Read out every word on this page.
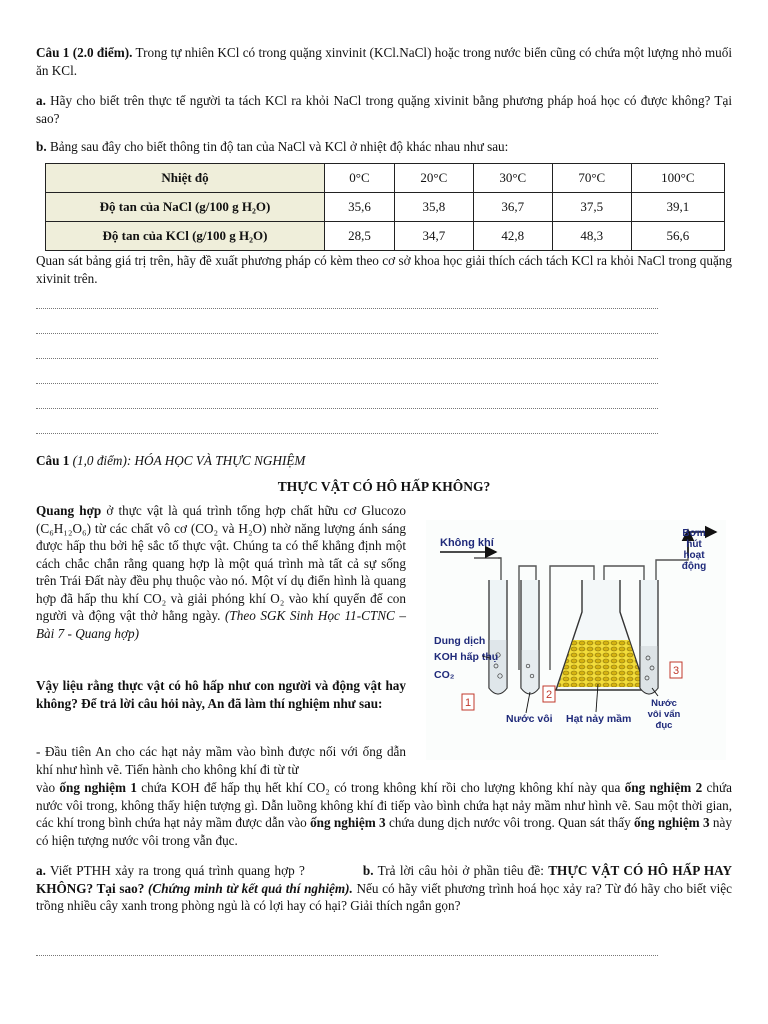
Câu 1 (2.0 điểm). Trong tự nhiên KCl có trong quặng xinvinit (KCl.NaCl) hoặc trong nước biển cũng có chứa một lượng nhỏ muối ăn KCl.

a. Hãy cho biết trên thực tế người ta tách KCl ra khỏi NaCl trong quặng xivinit bằng phương pháp hoá học có được không? Tại sao?

b. Bảng sau đây cho biết thông tin độ tan của NaCl và KCl ở nhiệt độ khác nhau như sau:

Nhiệt độ	0°C	20°C	30°C	70°C	100°C
Độ tan của NaCl (g/100 g H₂O)	35,6	35,8	36,7	37,5	39,1
Độ tan của KCl (g/100 g H₂O)	28,5	34,7	42,8	48,3	56,6

Quan sát bảng giá trị trên, hãy đề xuất phương pháp có kèm theo cơ sở khoa học giải thích cách tách KCl ra khỏi NaCl trong quặng xivinit trên.

Câu 1 (1,0 điểm): HÓA HỌC VÀ THỰC NGHIỆM

THỰC VẬT CÓ HÔ HẤP KHÔNG?

Quang hợp ở thực vật là quá trình tổng hợp chất hữu cơ Glucozo (C₆H₁₂O₆) từ các chất vô cơ (CO₂ và H₂O) nhờ năng lượng ánh sáng được hấp thu bởi hệ sắc tố thực vật. Chúng ta có thể khẳng định một cách chắc chắn rằng quang hợp là một quá trình mà tất cả sự sống trên Trái Đất này đều phụ thuộc vào nó. Một ví dụ điển hình là quang hợp đã hấp thu khí CO₂ và giải phóng khí O₂ vào khí quyển để con người và động vật thở hằng ngày. (Theo SGK Sinh Học 11-CTNC – Bài 7 - Quang hợp)

Vậy liệu rằng thực vật có hô hấp như con người và động vật hay không? Để trả lời câu hỏi này, An đã làm thí nghiệm như sau:

- Đầu tiên An cho các hạt nảy mầm vào bình được nối với ống dẫn khí như hình vẽ. Tiến hành cho không khí đi từ từ

vào ống nghiệm 1 chứa KOH để hấp thụ hết khí CO₂ có trong không khí rồi cho lượng không khí này qua ống nghiệm 2 chứa nước vôi trong, không thấy hiện tượng gì. Dẫn luồng không khí đi tiếp vào bình chứa hạt nảy mầm như hình vẽ. Sau một thời gian, các khí trong bình chứa hạt nảy mầm được dẫn vào ống nghiệm 3 chứa dung dịch nước vôi trong. Quan sát thấy ống nghiệm 3 này có hiện tượng nước vôi trong vẫn đục.

a. Viết PTHH xảy ra trong quá trình quang hợp ?	b. Trả lời câu hỏi ở phần tiêu đề: THỰC VẬT CÓ HÔ HẤP HAY KHÔNG? Tại sao? (Chứng minh từ kết quả thí nghiệm). Nếu có hãy viết phương trình hoá học xảy ra? Từ đó hãy cho biết việc trồng nhiều cây xanh trong phòng ngủ là có lợi hay có hại? Giải thích ngắn gọn?

1
2
3
Không khí
Bơm
hút
hoạt
động
Dung dịch
KOH hấp thụ
CO₂
Nước vôi Hạt nảy mầm
Nước
vôi vẩn
đục
